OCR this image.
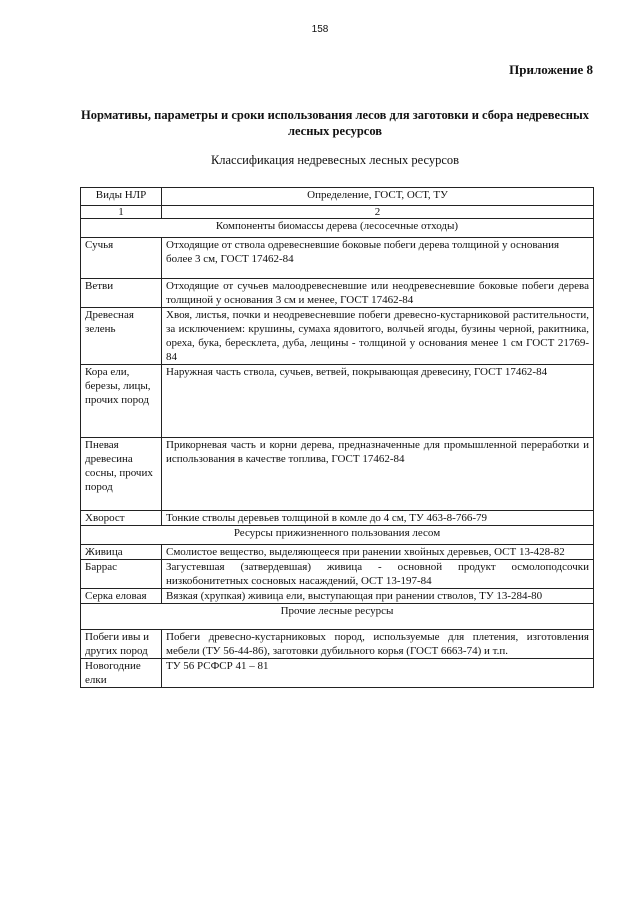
158
Приложение 8
Нормативы, параметры и сроки использования лесов для заготовки и сбора недревесных лесных ресурсов
Классификация недревесных лесных ресурсов
Виды НЛР	Определение, ГОСТ, ОСТ, ТУ
1	2
Компоненты биомассы дерева (лесосечные отходы)	
Сучья	Отходящие от ствола одревесневшие боковые побеги дерева толщиной у основания
более 3 см, ГОСТ 17462-84
Ветви	Отходящие от сучьев малоодревесневшие или неодревесневшие боковые побеги дерева толщиной у основания 3 см и менее, ГОСТ 17462-84
Древесная зелень	Хвоя, листья, почки и неодревесневшие побеги древесно-кустарниковой растительности, за исключением: крушины, сумаха ядовитого, волчьей ягоды, бузины черной, ракитника, ореха, бука, бересклета, дуба, лещины - толщиной у основания менее 1 см ГОСТ 21769-84
Кора ели, березы, лицы, прочих пород	Наружная часть ствола, сучьев, ветвей, покрывающая древесину, ГОСТ 17462-84
Пневая древесина сосны, прочих пород	Прикорневая часть и корни дерева, предназначенные для промышленной переработки и использования в качестве топлива, ГОСТ 17462-84
Хворост	Тонкие стволы деревьев толщиной в комле до 4 см, ТУ 463-8-766-79
Ресурсы прижизненного пользования лесом	
Живица	Смолистое вещество, выделяющееся при ранении хвойных деревьев, ОСТ 13-428-82
Баррас	Загустевшая (затвердевшая) живица - основной продукт осмолоподсочки низкобонитетных сосновых насаждений, ОСТ 13-197-84
Серка еловая	Вязкая (хрупкая) живица ели, выступающая при ранении стволов, ТУ 13-284-80
Прочие лесные ресурсы	
Побеги ивы и других пород	Побеги древесно-кустарниковых пород, используемые для плетения, изготовления мебели (ТУ 56-44-86), заготовки дубильного корья (ГОСТ 6663-74) и т.п.
Новогодние елки	ТУ 56 РСФСР 41 – 81
